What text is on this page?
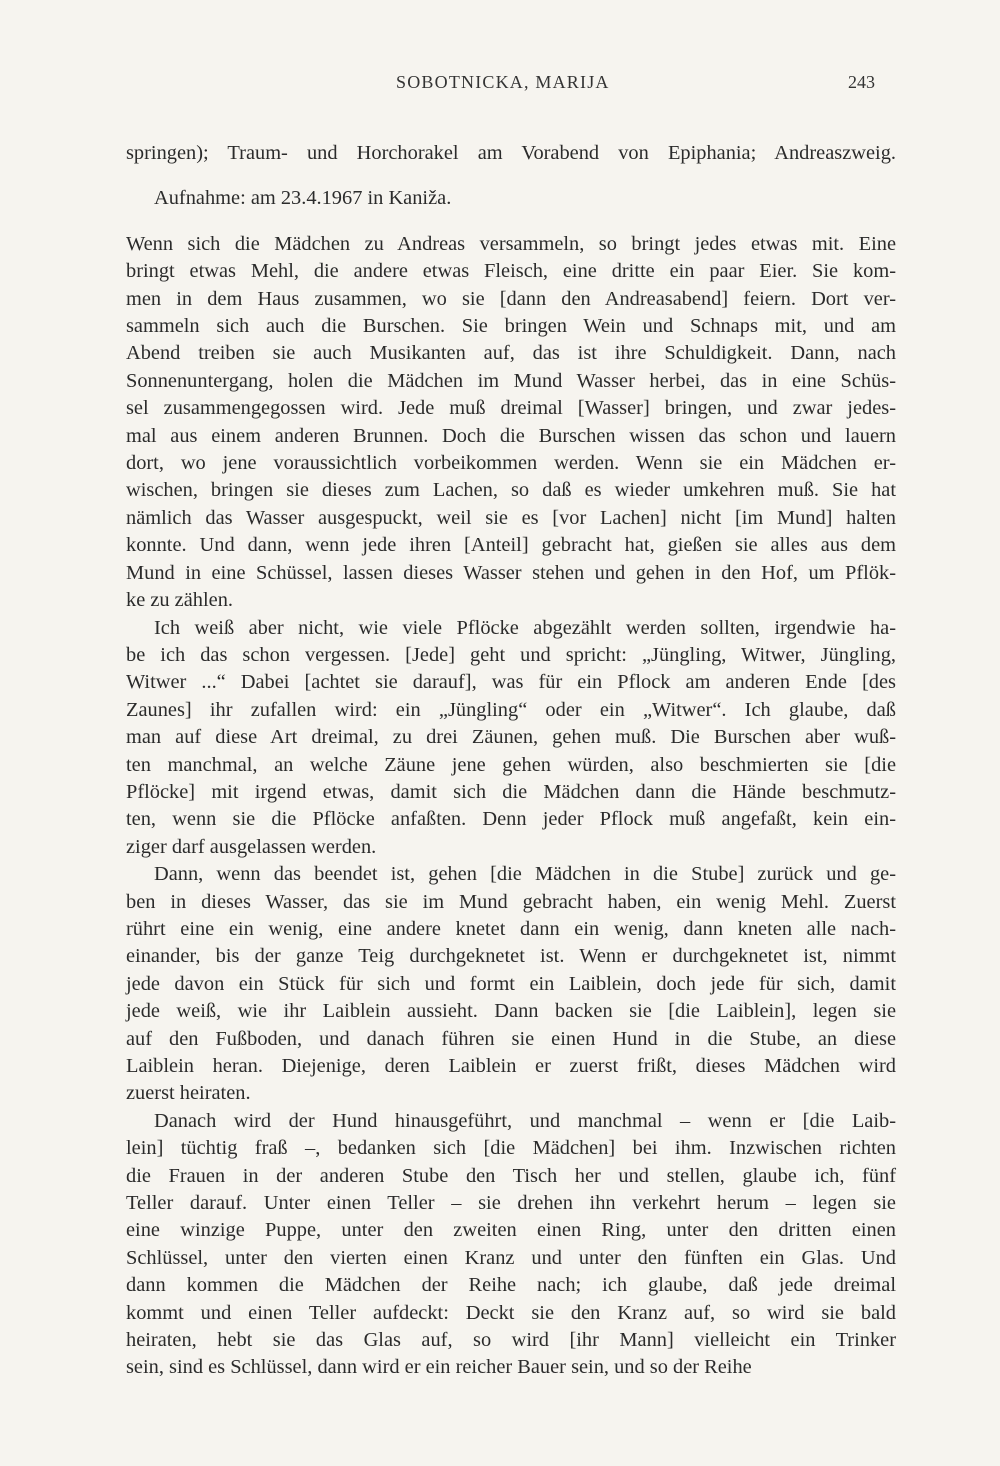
SOBOTNICKA, MARIJA	243
springen); Traum- und Horchorakel am Vorabend von Epiphania; Andreaszweig.
Aufnahme: am 23.4.1967 in Kaniža.
Wenn sich die Mädchen zu Andreas versammeln, so bringt jedes etwas mit. Eine
bringt etwas Mehl, die andere etwas Fleisch, eine dritte ein paar Eier. Sie kom-
men in dem Haus zusammen, wo sie [dann den Andreasabend] feiern. Dort ver-
sammeln sich auch die Burschen. Sie bringen Wein und Schnaps mit, und am
Abend treiben sie auch Musikanten auf, das ist ihre Schuldigkeit. Dann, nach
Sonnenuntergang, holen die Mädchen im Mund Wasser herbei, das in eine Schüs-
sel zusammengegossen wird. Jede muß dreimal [Wasser] bringen, und zwar jedes-
mal aus einem anderen Brunnen. Doch die Burschen wissen das schon und lauern
dort, wo jene voraussichtlich vorbeikommen werden. Wenn sie ein Mädchen er-
wischen, bringen sie dieses zum Lachen, so daß es wieder umkehren muß. Sie hat
nämlich das Wasser ausgespuckt, weil sie es [vor Lachen] nicht [im Mund] halten
konnte. Und dann, wenn jede ihren [Anteil] gebracht hat, gießen sie alles aus dem
Mund in eine Schüssel, lassen dieses Wasser stehen und gehen in den Hof, um Pflök-
ke zu zählen.
Ich weiß aber nicht, wie viele Pflöcke abgezählt werden sollten, irgendwie ha-
be ich das schon vergessen. [Jede] geht und spricht: „Jüngling, Witwer, Jüngling,
Witwer ...“ Dabei [achtet sie darauf], was für ein Pflock am anderen Ende [des
Zaunes] ihr zufallen wird: ein „Jüngling“ oder ein „Witwer“. Ich glaube, daß
man auf diese Art dreimal, zu drei Zäunen, gehen muß. Die Burschen aber wuß-
ten manchmal, an welche Zäune jene gehen würden, also beschmierten sie [die
Pflöcke] mit irgend etwas, damit sich die Mädchen dann die Hände beschmutz-
ten, wenn sie die Pflöcke anfaßten. Denn jeder Pflock muß angefaßt, kein ein-
ziger darf ausgelassen werden.
Dann, wenn das beendet ist, gehen [die Mädchen in die Stube] zurück und ge-
ben in dieses Wasser, das sie im Mund gebracht haben, ein wenig Mehl. Zuerst
rührt eine ein wenig, eine andere knetet dann ein wenig, dann kneten alle nach-
einander, bis der ganze Teig durchgeknetet ist. Wenn er durchgeknetet ist, nimmt
jede davon ein Stück für sich und formt ein Laiblein, doch jede für sich, damit
jede weiß, wie ihr Laiblein aussieht. Dann backen sie [die Laiblein], legen sie
auf den Fußboden, und danach führen sie einen Hund in die Stube, an diese
Laiblein heran. Diejenige, deren Laiblein er zuerst frißt, dieses Mädchen wird
zuerst heiraten.
Danach wird der Hund hinausgeführt, und manchmal – wenn er [die Laib-
lein] tüchtig fraß –, bedanken sich [die Mädchen] bei ihm. Inzwischen richten
die Frauen in der anderen Stube den Tisch her und stellen, glaube ich, fünf
Teller darauf. Unter einen Teller – sie drehen ihn verkehrt herum – legen sie
eine winzige Puppe, unter den zweiten einen Ring, unter den dritten einen
Schlüssel, unter den vierten einen Kranz und unter den fünften ein Glas. Und
dann kommen die Mädchen der Reihe nach; ich glaube, daß jede dreimal
kommt und einen Teller aufdeckt: Deckt sie den Kranz auf, so wird sie bald
heiraten, hebt sie das Glas auf, so wird [ihr Mann] vielleicht ein Trinker
sein, sind es Schlüssel, dann wird er ein reicher Bauer sein, und so der Reihe
